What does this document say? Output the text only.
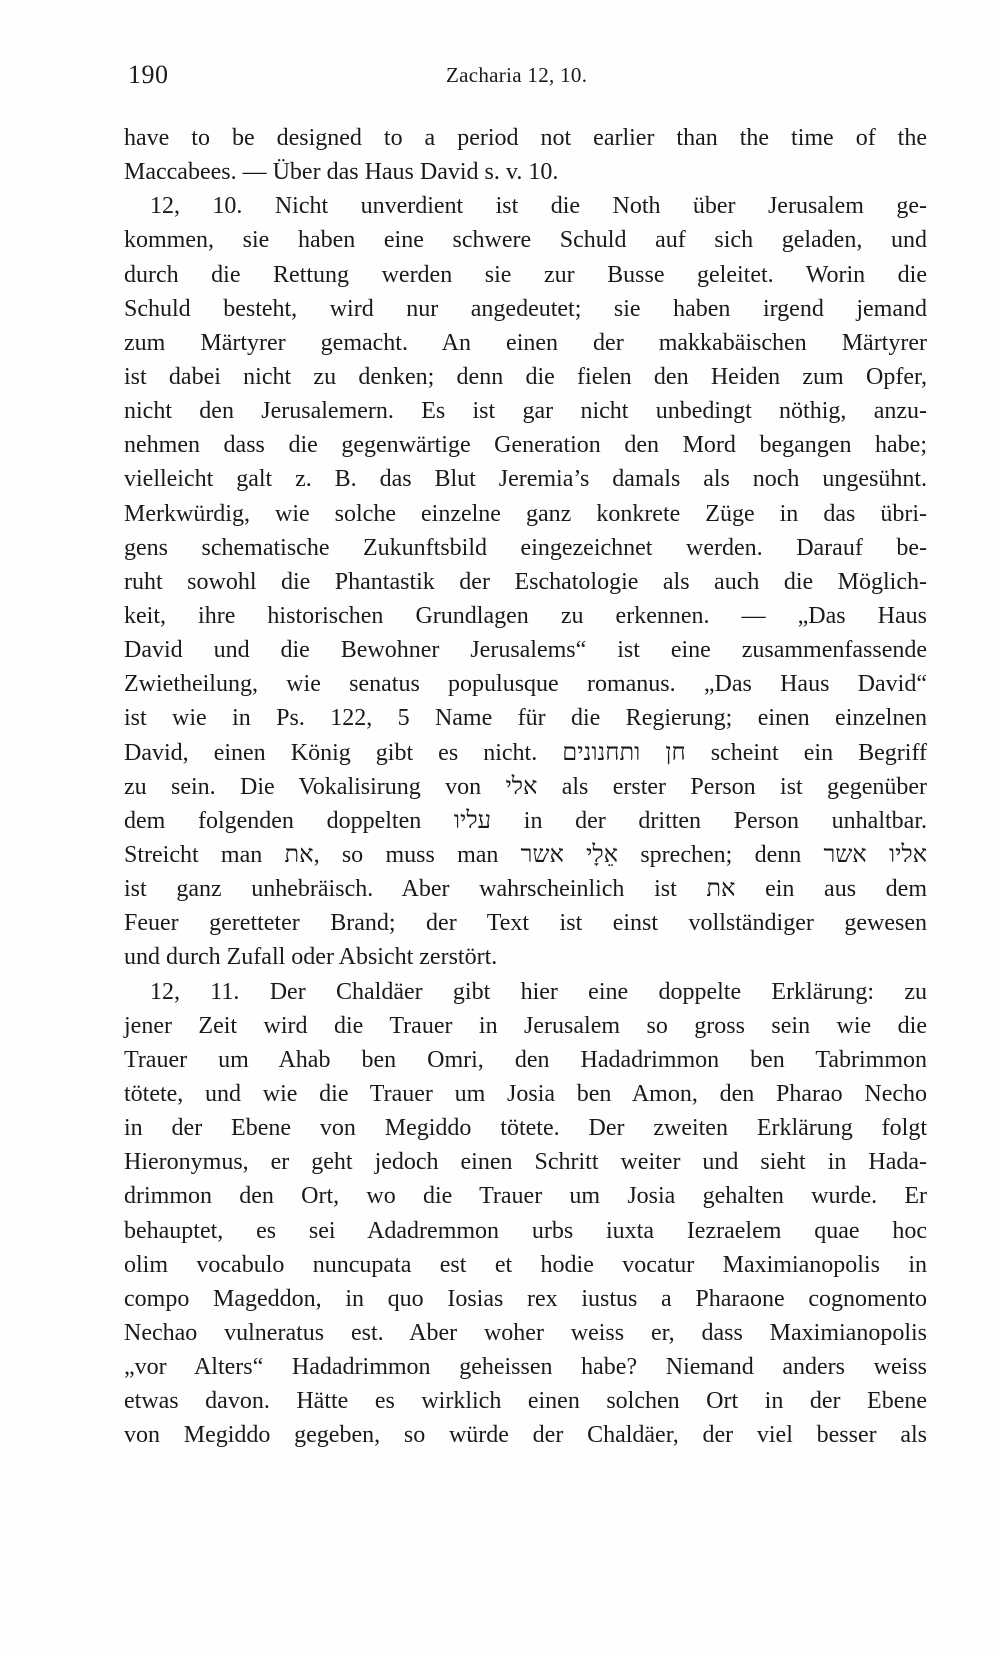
190	Zacharia 12, 10.
have to be designed to a period not earlier than the time of the
Maccabees. — Über das Haus David s. v. 10.
12, 10. Nicht unverdient ist die Noth über Jerusalem ge-
kommen, sie haben eine schwere Schuld auf sich geladen, und
durch die Rettung werden sie zur Busse geleitet. Worin die
Schuld besteht, wird nur angedeutet; sie haben irgend jemand
zum Märtyrer gemacht. An einen der makkabäischen Märtyrer
ist dabei nicht zu denken; denn die fielen den Heiden zum Opfer,
nicht den Jerusalemern. Es ist gar nicht unbedingt nöthig, anzu-
nehmen dass die gegenwärtige Generation den Mord begangen habe;
vielleicht galt z. B. das Blut Jeremia’s damals als noch ungesühnt.
Merkwürdig, wie solche einzelne ganz konkrete Züge in das übri-
gens schematische Zukunftsbild eingezeichnet werden. Darauf be-
ruht sowohl die Phantastik der Eschatologie als auch die Möglich-
keit, ihre historischen Grundlagen zu erkennen. — „Das Haus
David und die Bewohner Jerusalems“ ist eine zusammenfassende
Zwietheilung, wie senatus populusque romanus. „Das Haus David“
ist wie in Ps. 122, 5 Name für die Regierung; einen einzelnen
David, einen König gibt es nicht. חן ותחנונים scheint ein Begriff
zu sein. Die Vokalisirung von אלי als erster Person ist gegenüber
dem folgenden doppelten עליו in der dritten Person unhaltbar.
Streicht man את, so muss man אֵלָי אשר sprechen; denn אליו אשר
ist ganz unhebräisch. Aber wahrscheinlich ist את ein aus dem
Feuer geretteter Brand; der Text ist einst vollständiger gewesen
und durch Zufall oder Absicht zerstört.
12, 11. Der Chaldäer gibt hier eine doppelte Erklärung: zu
jener Zeit wird die Trauer in Jerusalem so gross sein wie die
Trauer um Ahab ben Omri, den Hadadrimmon ben Tabrimmon
tötete, und wie die Trauer um Josia ben Amon, den Pharao Necho
in der Ebene von Megiddo tötete. Der zweiten Erklärung folgt
Hieronymus, er geht jedoch einen Schritt weiter und sieht in Hada-
drimmon den Ort, wo die Trauer um Josia gehalten wurde. Er
behauptet, es sei Adadremmon urbs iuxta Iezraelem quae hoc
olim vocabulo nuncupata est et hodie vocatur Maximianopolis in
compo Mageddon, in quo Iosias rex iustus a Pharaone cognomento
Nechao vulneratus est. Aber woher weiss er, dass Maximianopolis
„vor Alters“ Hadadrimmon geheissen habe? Niemand anders weiss
etwas davon. Hätte es wirklich einen solchen Ort in der Ebene
von Megiddo gegeben, so würde der Chaldäer, der viel besser als
